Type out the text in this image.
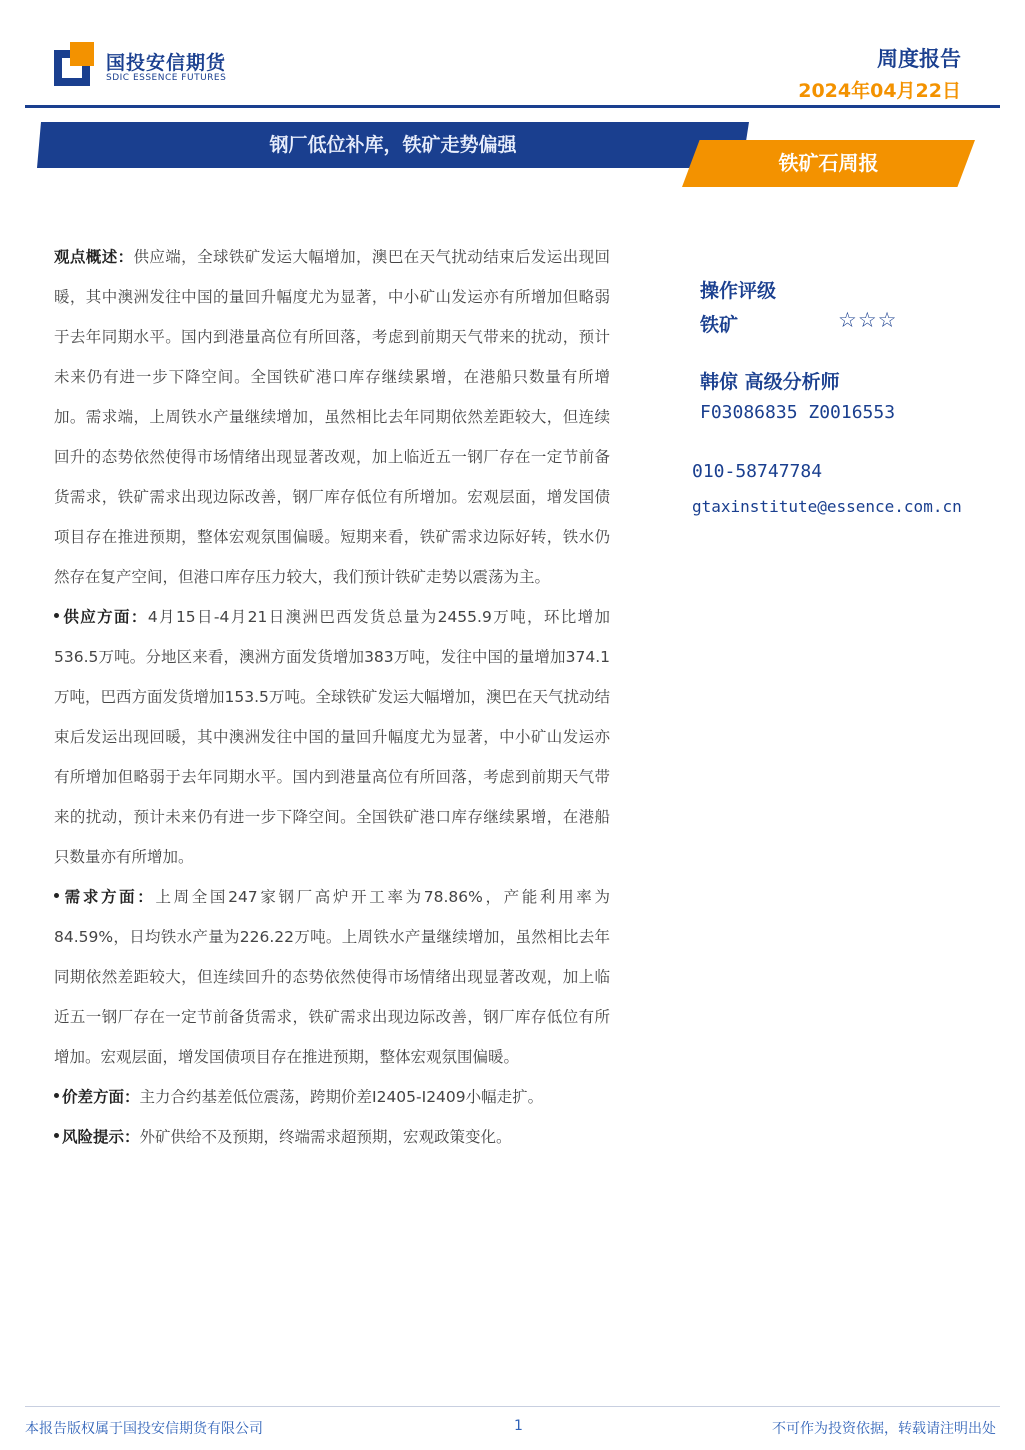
国投安信期货
SDIC ESSENCE FUTURES
周度报告
2024年04月22日
钢厂低位补库，铁矿走势偏强
铁矿石周报

观点概述：供应端，全球铁矿发运大幅增加，澳巴在天气扰动结束后发运出现回暖，其中澳洲发往中国的量回升幅度尤为显著，中小矿山发运亦有所增加但略弱于去年同期水平。国内到港量高位有所回落，考虑到前期天气带来的扰动，预计未来仍有进一步下降空间。全国铁矿港口库存继续累增，在港船只数量有所增加。需求端，上周铁水产量继续增加，虽然相比去年同期依然差距较大，但连续回升的态势依然使得市场情绪出现显著改观，加上临近五一钢厂存在一定节前备货需求，铁矿需求出现边际改善，钢厂库存低位有所增加。宏观层面，增发国债项目存在推进预期，整体宏观氛围偏暖。短期来看，铁矿需求边际好转，铁水仍然存在复产空间，但港口库存压力较大，我们预计铁矿走势以震荡为主。

供应方面：4月15日-4月21日澳洲巴西发货总量为2455.9万吨，环比增加536.5万吨。分地区来看，澳洲方面发货增加383万吨，发往中国的量增加374.1万吨，巴西方面发货增加153.5万吨。全球铁矿发运大幅增加，澳巴在天气扰动结束后发运出现回暖，其中澳洲发往中国的量回升幅度尤为显著，中小矿山发运亦有所增加但略弱于去年同期水平。国内到港量高位有所回落，考虑到前期天气带来的扰动，预计未来仍有进一步下降空间。全国铁矿港口库存继续累增，在港船只数量亦有所增加。

需求方面：上周全国247家钢厂高炉开工率为78.86%，产能利用率为84.59%，日均铁水产量为226.22万吨。上周铁水产量继续增加，虽然相比去年同期依然差距较大，但连续回升的态势依然使得市场情绪出现显著改观，加上临近五一钢厂存在一定节前备货需求，铁矿需求出现边际改善，钢厂库存低位有所增加。宏观层面，增发国债项目存在推进预期，整体宏观氛围偏暖。

价差方面：主力合约基差低位震荡，跨期价差I2405-I2409小幅走扩。

风险提示：外矿供给不及预期，终端需求超预期，宏观政策变化。

操作评级
铁矿	☆☆☆
韩倞 高级分析师
F03086835 Z0016553
010-58747784
gtaxinstitute@essence.com.cn
本报告版权属于国投安信期货有限公司	1	不可作为投资依据，转载请注明出处
